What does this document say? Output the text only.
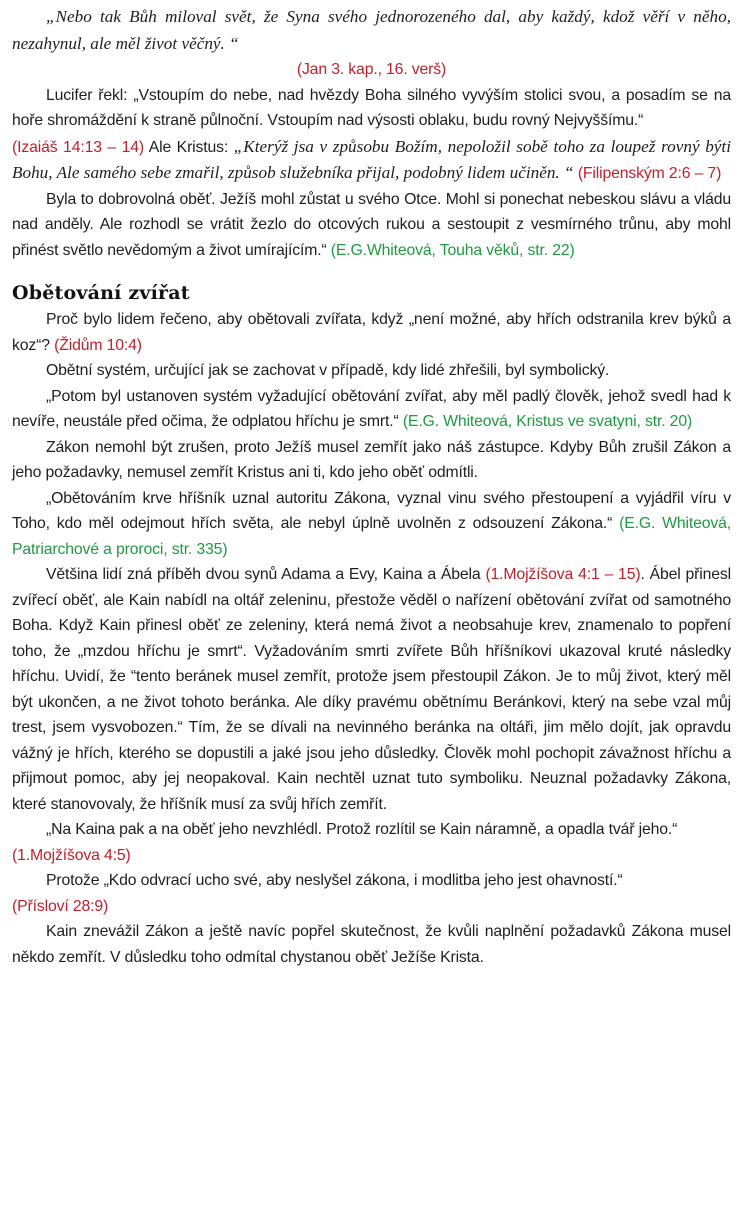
„Nebo tak Bůh miloval svět, že Syna svého jednorozeného dal, aby každý, kdož věří v něho, nezahynul, ale měl život věčný. “

(Jan 3. kap., 16. verš)

Lucifer řekl: „Vstoupím do nebe, nad hvězdy Boha silného vyvýším stolici svou, a posadím se na hoře shromáždění k straně půlnoční. Vstoupím nad výsosti oblaku, budu rovný Nejvyššímu.“

(Izaiáš 14:13 – 14) Ale Kristus: „Kterýž jsa v způsobu Božím, nepoložil sobě toho za loupež rovný býti Bohu, Ale samého sebe zmařil, způsob služebníka přijal, podobný lidem učiněn. “ (Filipenským 2:6 – 7)

Byla to dobrovolná oběť. Ježíš mohl zůstat u svého Otce. Mohl si ponechat nebeskou slávu a vládu nad anděly. Ale rozhodl se vrátit žezlo do otcových rukou a sestoupit z vesmírného trůnu, aby mohl přinést světlo nevědomým a život umírajícím.“ (E.G.Whiteová, Touha věků, str. 22)

Obětování zvířat

Proč bylo lidem řečeno, aby obětovali zvířata, když „není možné, aby hřích odstranila krev býků a koz“? (Židům 10:4)

Obětní systém, určující jak se zachovat v případě, kdy lidé zhřešili, byl symbolický.

„Potom byl ustanoven systém vyžadující obětování zvířat, aby měl padlý člověk, jehož svedl had k nevíře, neustále před očima, že odplatou hříchu je smrt.“ (E.G. Whiteová, Kristus ve svatyni, str. 20)

Zákon nemohl být zrušen, proto Ježíš musel zemřít jako náš zástupce. Kdyby Bůh zrušil Zákon a jeho požadavky, nemusel zemřít Kristus ani ti, kdo jeho oběť odmítli.

„Obětováním krve hříšník uznal autoritu Zákona, vyznal vinu svého přestoupení a vyjádřil víru v Toho, kdo měl odejmout hřích světa, ale nebyl úplně uvolněn z odsouzení Zákona.“ (E.G. Whiteová, Patriarchové a proroci, str. 335)

Většina lidí zná příběh dvou synů Adama a Evy, Kaina a Ábela (1.Mojžíšova 4:1 – 15). Ábel přinesl zvířecí oběť, ale Kain nabídl na oltář zeleninu, přestože věděl o nařízení obětování zvířat od samotného Boha. Když Kain přinesl oběť ze zeleniny, která nemá život a neobsahuje krev, znamenalo to popření toho, že „mzdou hříchu je smrt“. Vyžadováním smrti zvířete Bůh hříšníkovi ukazoval kruté následky hříchu. Uvidí, že “tento beránek musel zemřít, protože jsem přestoupil Zákon. Je to můj život, který měl být ukončen, a ne život tohoto beránka. Ale díky pravému obětnímu Beránkovi, který na sebe vzal můj trest, jsem vysvobozen.“ Tím, že se dívali na nevinného beránka na oltáři, jim mělo dojít, jak opravdu vážný je hřích, kterého se dopustili a jaké jsou jeho důsledky. Člověk mohl pochopit závažnost hříchu a přijmout pomoc, aby jej neopakoval. Kain nechtěl uznat tuto symboliku. Neuznal požadavky Zákona, které stanovovaly, že hříšník musí za svůj hřích zemřít.

„Na Kaina pak a na oběť jeho nevzhlédl. Protož rozlítil se Kain náramně, a opadla tvář jeho.“

(1.Mojžíšova 4:5)

Protože „Kdo odvrací ucho své, aby neslyšel zákona, i modlitba jeho jest ohavností.“

(Přísloví 28:9)

Kain znevážil Zákon a ještě navíc popřel skutečnost, že kvůli naplnění požadavků Zákona musel někdo zemřít. V důsledku toho odmítal chystanou oběť Ježíše Krista.
